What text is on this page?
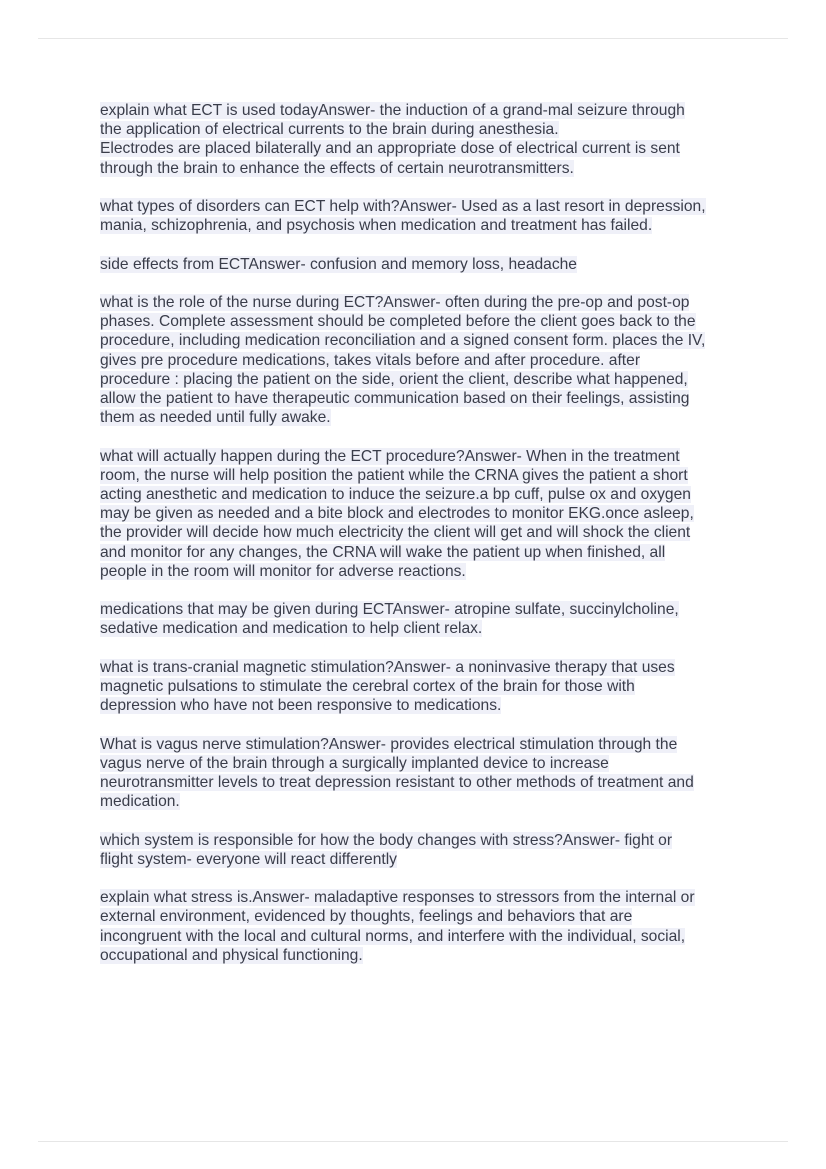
explain what ECT is used todayAnswer- the induction of a grand-mal seizure through
the application of electrical currents to the brain during anesthesia.
Electrodes are placed bilaterally and an appropriate dose of electrical current is sent
through the brain to enhance the effects of certain neurotransmitters.
what types of disorders can ECT help with?Answer- Used as a last resort in depression,
mania, schizophrenia, and psychosis when medication and treatment has failed.
side effects from ECTAnswer- confusion and memory loss, headache
what is the role of the nurse during ECT?Answer- often during the pre-op and post-op
phases. Complete assessment should be completed before the client goes back to the
procedure, including medication reconciliation and a signed consent form. places the IV,
gives pre procedure medications, takes vitals before and after procedure. after
procedure : placing the patient on the side, orient the client, describe what happened,
allow the patient to have therapeutic communication based on their feelings, assisting
them as needed until fully awake.
what will actually happen during the ECT procedure?Answer- When in the treatment
room, the nurse will help position the patient while the CRNA gives the patient a short
acting anesthetic and medication to induce the seizure.a bp cuff, pulse ox and oxygen
may be given as needed and a bite block and electrodes to monitor EKG.once asleep,
the provider will decide how much electricity the client will get and will shock the client
and monitor for any changes, the CRNA will wake the patient up when finished, all
people in the room will monitor for adverse reactions.
medications that may be given during ECTAnswer- atropine sulfate, succinylcholine,
sedative medication and medication to help client relax.
what is trans-cranial magnetic stimulation?Answer- a noninvasive therapy that uses
magnetic pulsations to stimulate the cerebral cortex of the brain for those with
depression who have not been responsive to medications.
What is vagus nerve stimulation?Answer- provides electrical stimulation through the
vagus nerve of the brain through a surgically implanted device to increase
neurotransmitter levels to treat depression resistant to other methods of treatment and
medication.
which system is responsible for how the body changes with stress?Answer- fight or
flight system- everyone will react differently
explain what stress is.Answer- maladaptive responses to stressors from the internal or
external environment, evidenced by thoughts, feelings and behaviors that are
incongruent with the local and cultural norms, and interfere with the individual, social,
occupational and physical functioning.
